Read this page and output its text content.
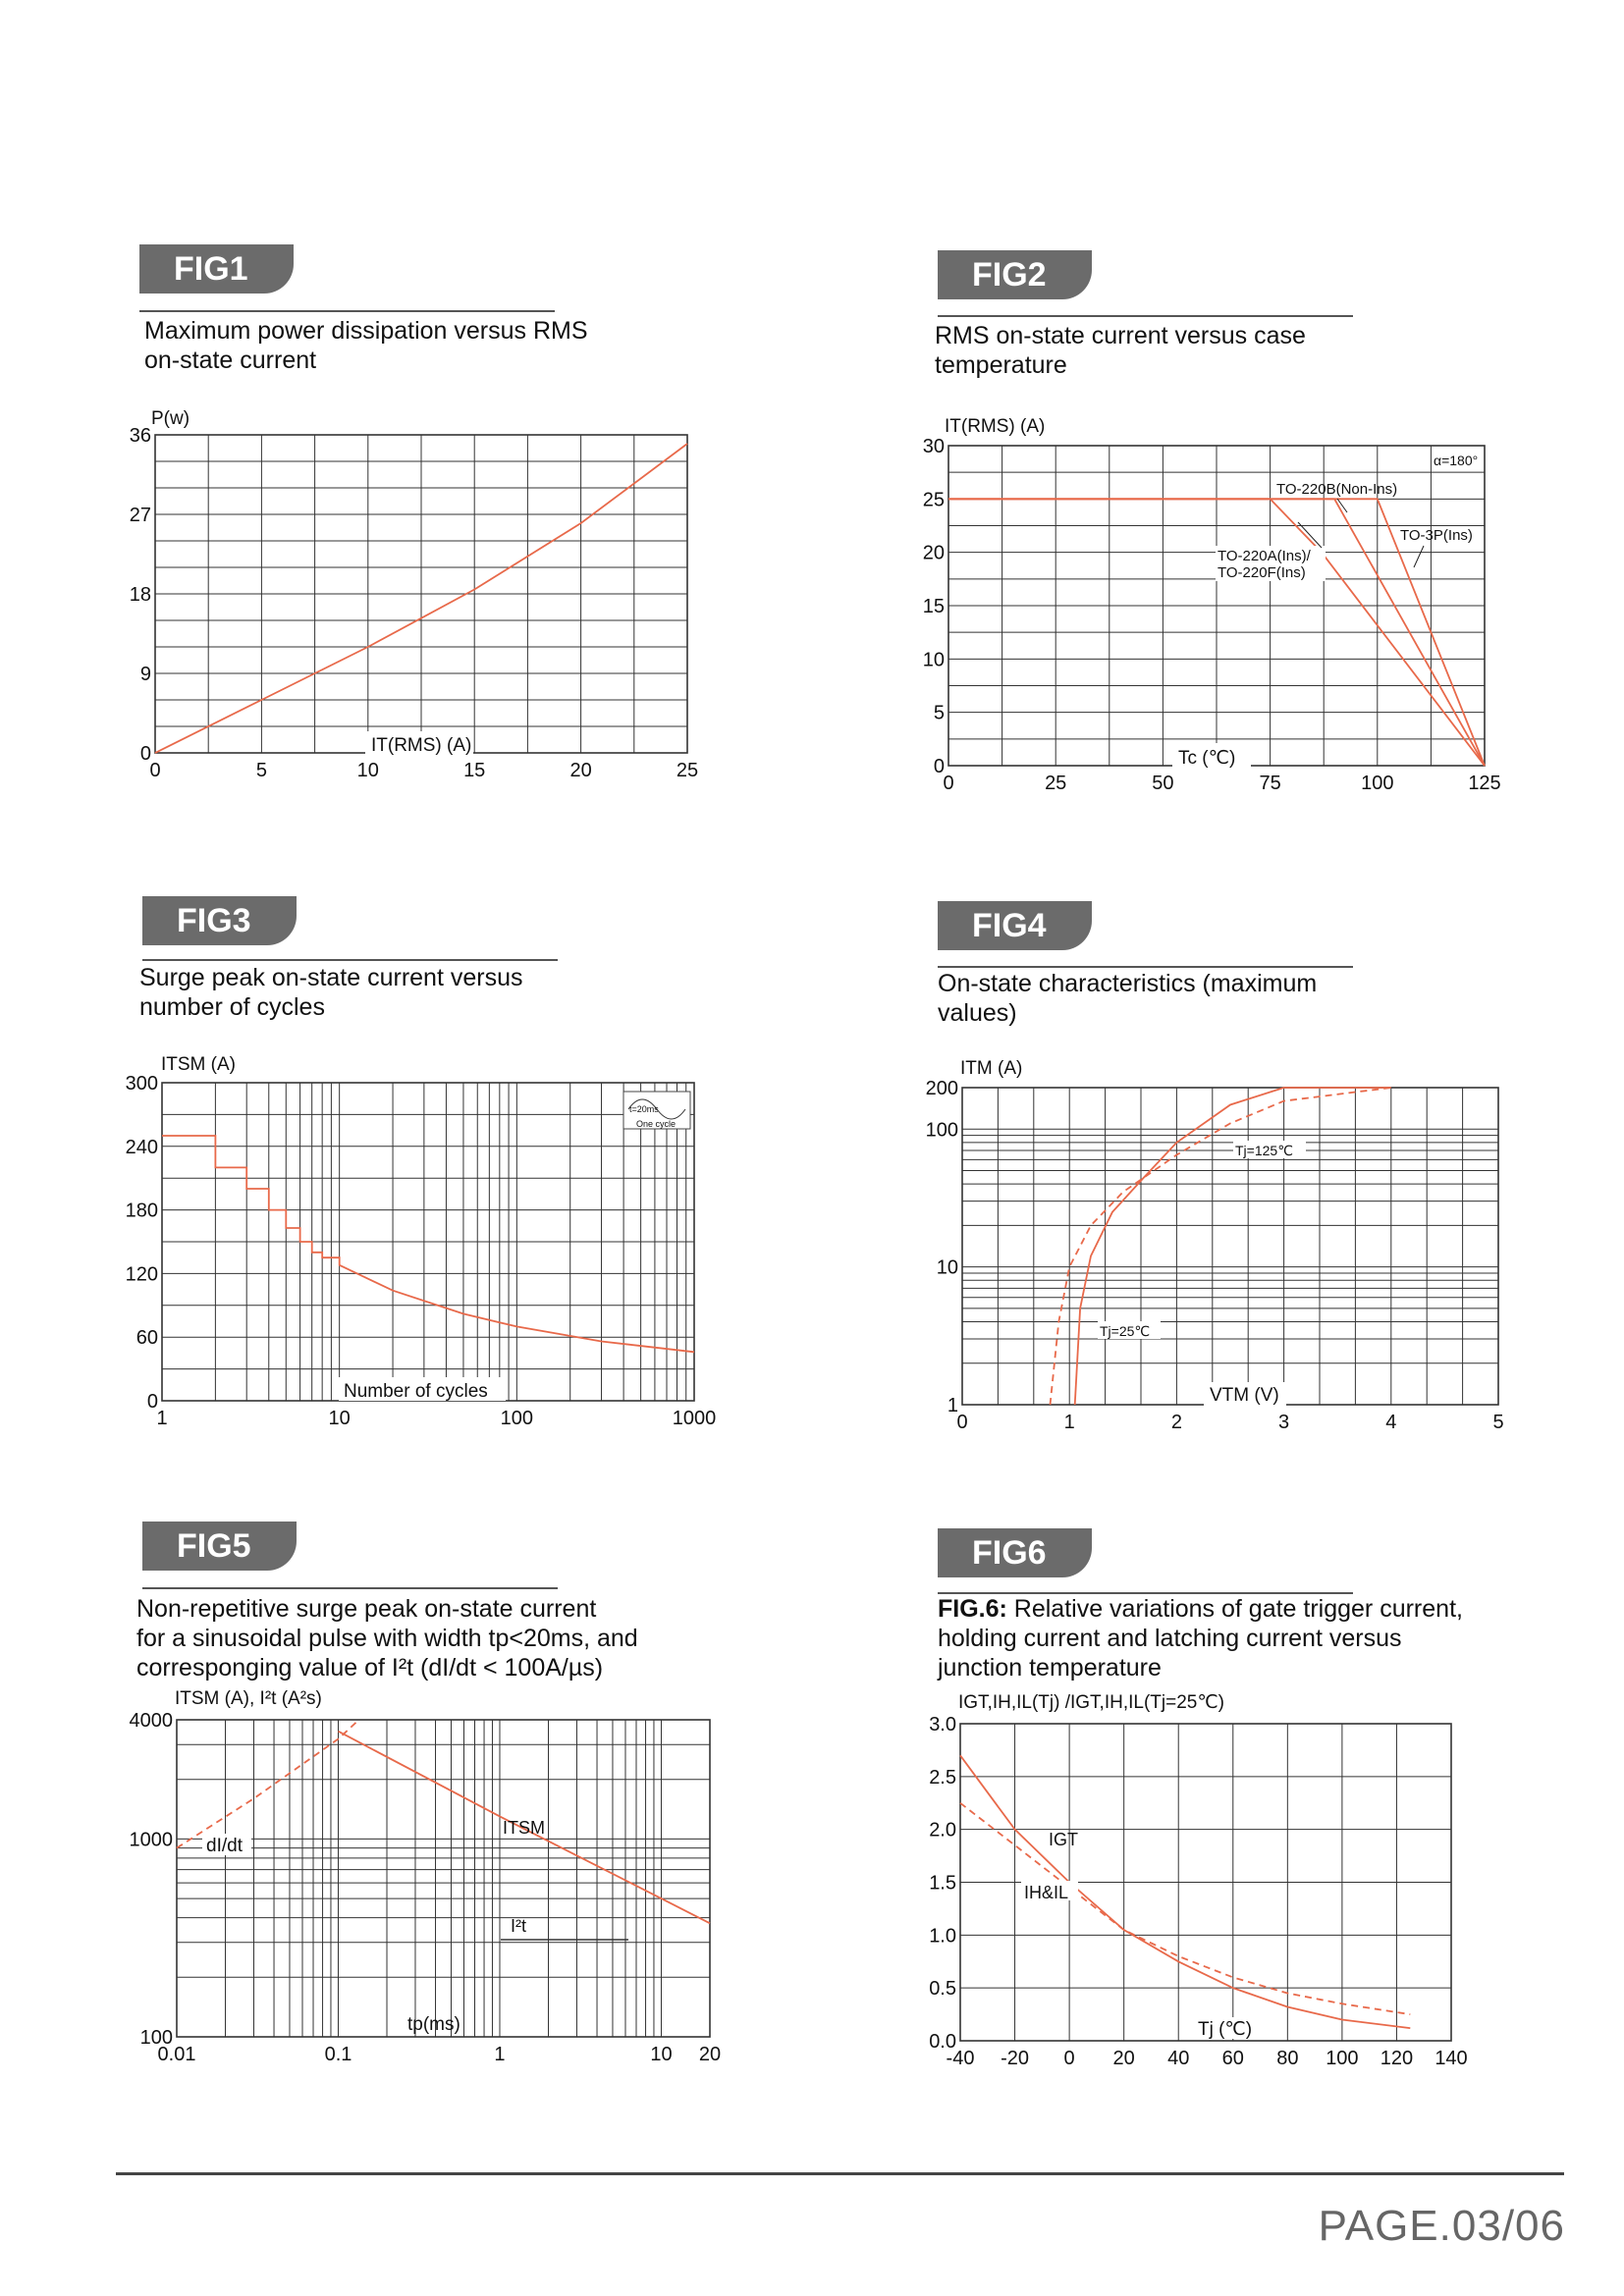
FIG1
Maximum power dissipation versus RMS
on-state current
FIG2
RMS on-state current versus case
temperature
FIG3
Surge peak on-state current versus
number of cycles
FIG4
On-state characteristics (maximum
values)
FIG5
Non-repetitive surge peak on-state current
for a sinusoidal pulse with width tp<20ms, and
corresponging value of I²t (dI/dt < 100A/µs)
FIG6
FIG.6: Relative variations of gate trigger current,
holding current and latching current versus
junction temperature
0	5	10	15	20	25
0
9
18
27
36
P(w)
IT(RMS) (A)
0	25	50	75	100	125
0
5
10
15
20
25
30
IT(RMS) (A)
Tc (℃)
α=180°
TO-220B(Non-Ins)
TO-3P(Ins)
TO-220A(Ins)/
TO-220F(Ins)
1	10	100	1000
0
60
120
180
240
300
ITSM (A)
Number of cycles
t=20ms
One cycle
0	1	2	3	4	5
1
10
100
200
ITM (A)
VTM (V)
Tj=125℃
Tj=25℃
0.01	0.1	1	10 20
100
1000
4000
ITSM (A), I²t (A²s)
tp(ms)
dI/dt
ITSM
I²t
-40 -20 0 20 40 60 80 100 120 140
0.0
0.5
1.0
1.5
2.0
2.5
3.0
IGT,IH,IL(Tj) /IGT,IH,IL(Tj=25℃)
Tj (℃)
IGT
IH&IL
PAGE.03/06
